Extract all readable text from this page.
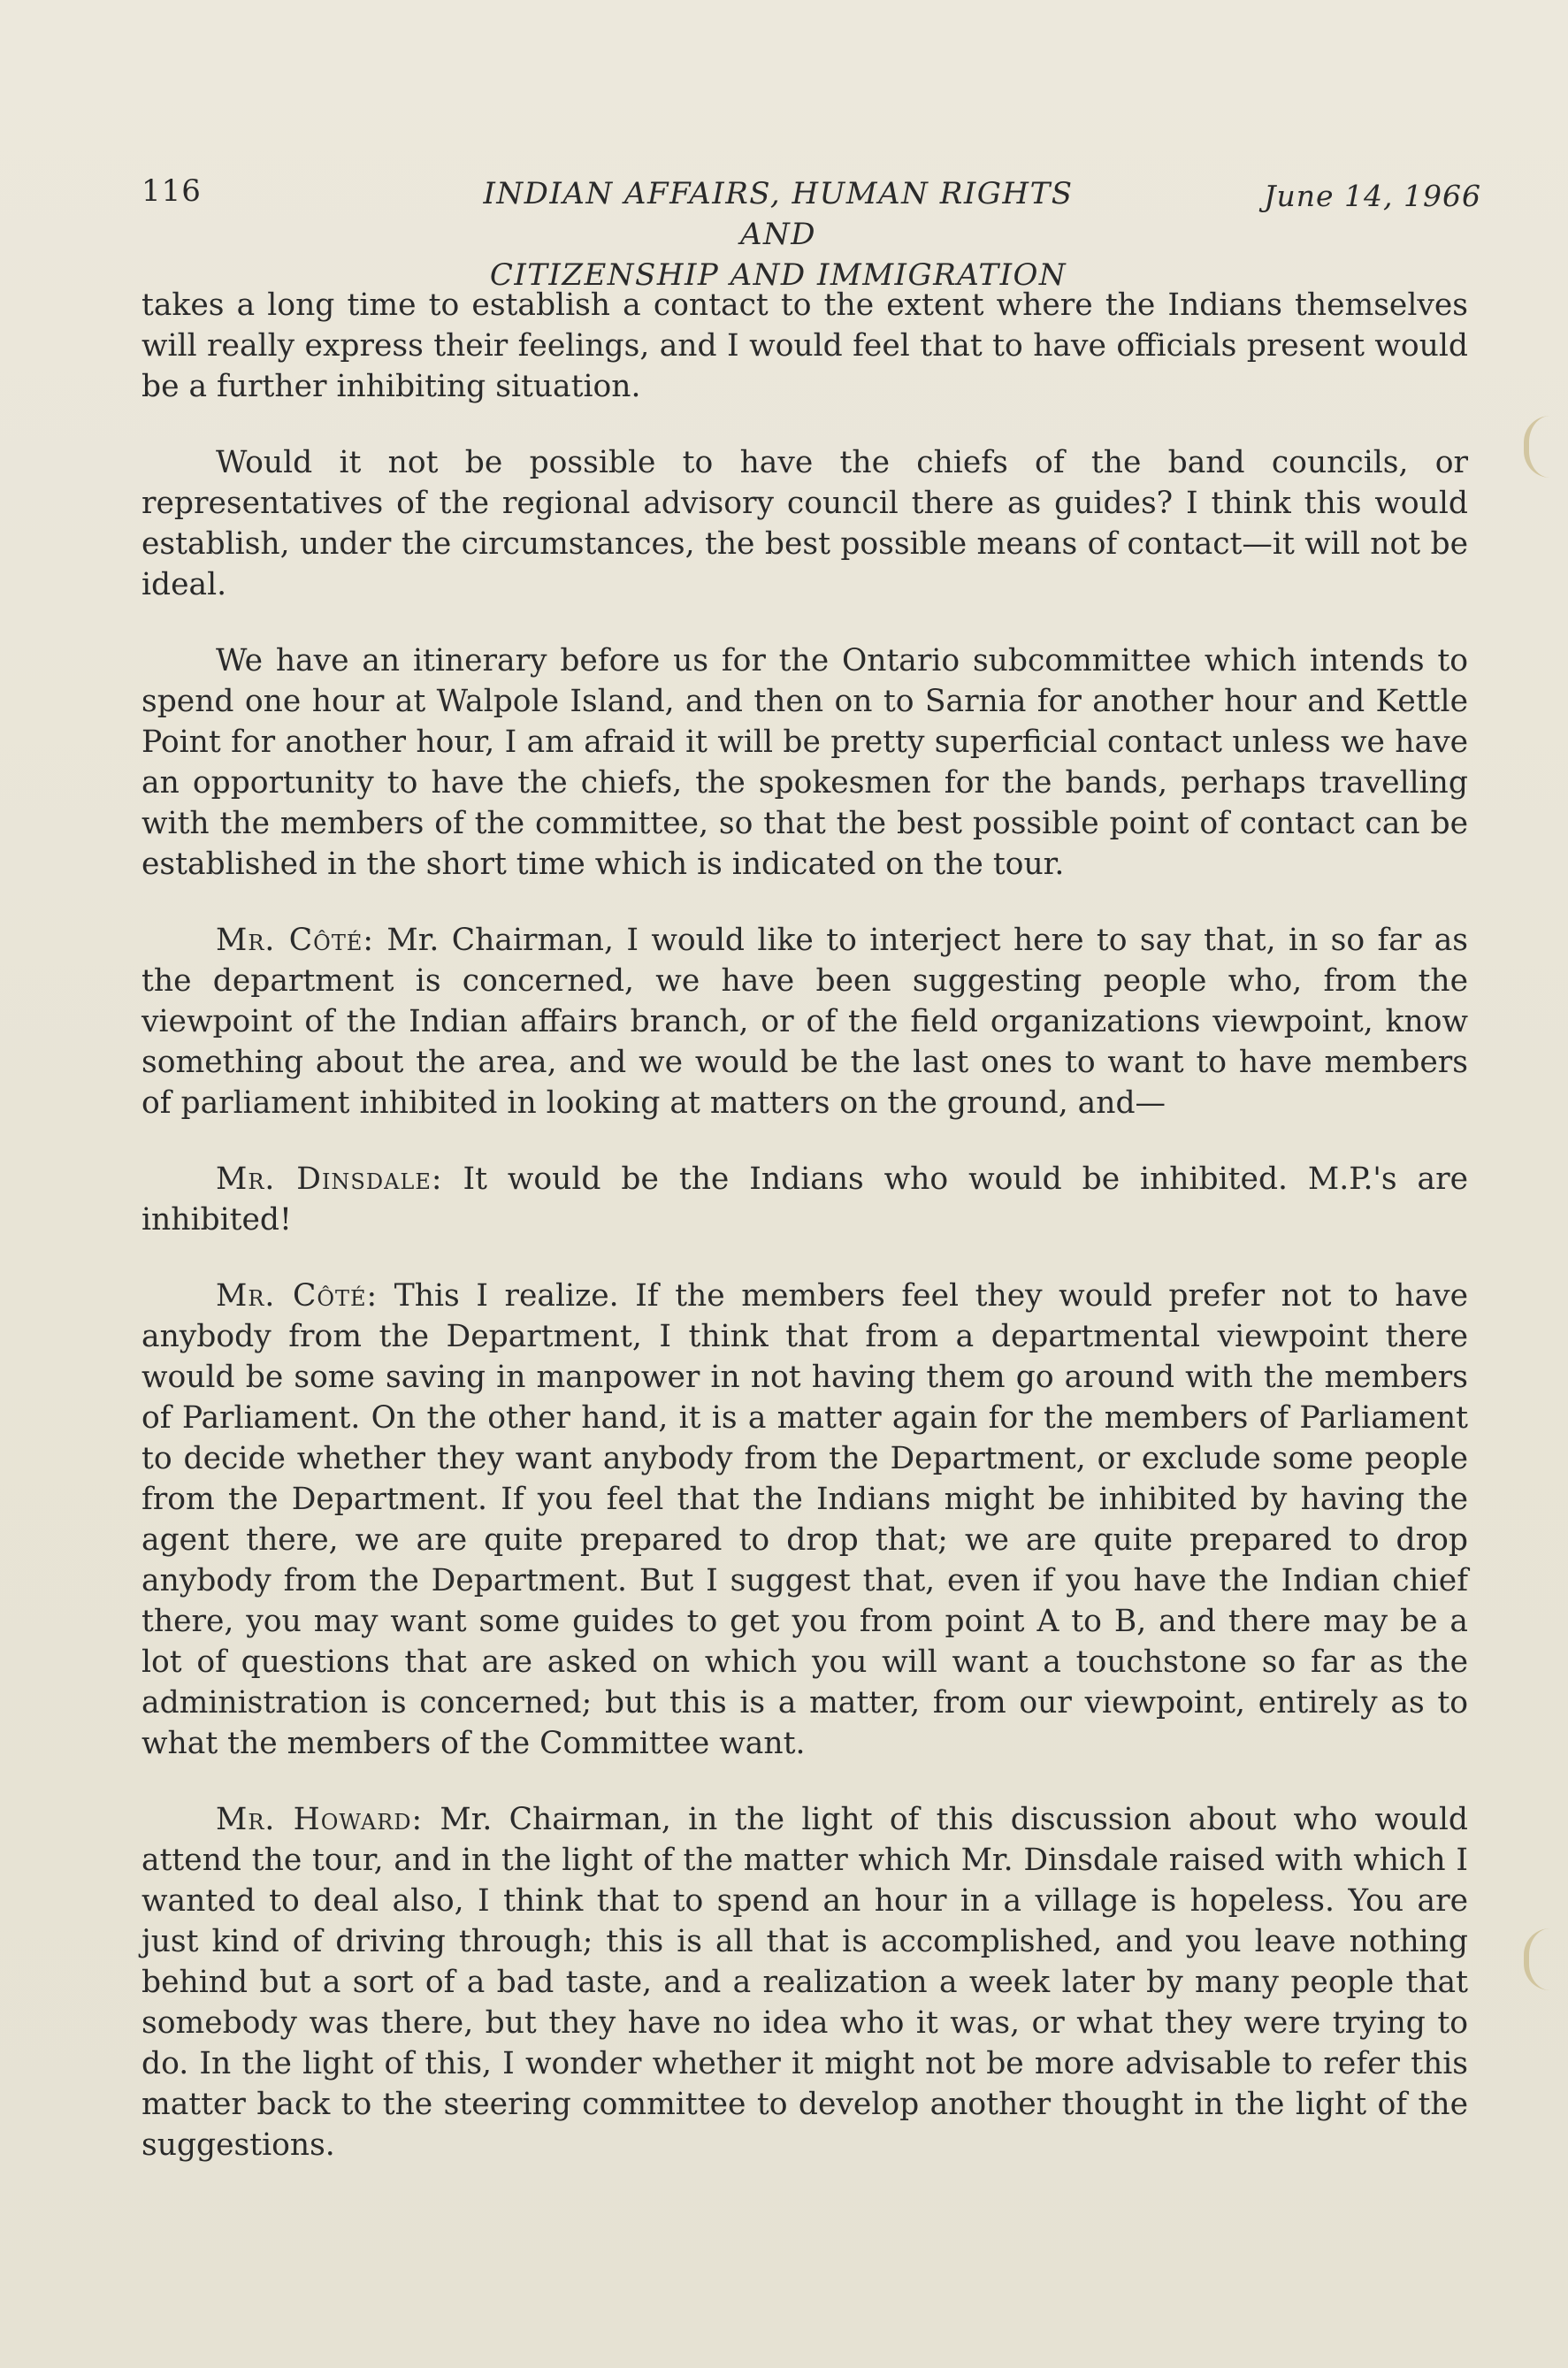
116	INDIAN AFFAIRS, HUMAN RIGHTS AND
CITIZENSHIP AND IMMIGRATION
June 14, 1966

takes a long time to establish a contact to the extent where the Indians themselves will really express their feelings, and I would feel that to have officials present would be a further inhibiting situation.

Would it not be possible to have the chiefs of the band councils, or representatives of the regional advisory council there as guides? I think this would establish, under the circumstances, the best possible means of contact—it will not be ideal.

We have an itinerary before us for the Ontario subcommittee which intends to spend one hour at Walpole Island, and then on to Sarnia for another hour and Kettle Point for another hour, I am afraid it will be pretty superficial contact unless we have an opportunity to have the chiefs, the spokesmen for the bands, perhaps travelling with the members of the committee, so that the best possible point of contact can be established in the short time which is indicated on the tour.

Mr. Côté: Mr. Chairman, I would like to interject here to say that, in so far as the department is concerned, we have been suggesting people who, from the viewpoint of the Indian affairs branch, or of the field organizations viewpoint, know something about the area, and we would be the last ones to want to have members of parliament inhibited in looking at matters on the ground, and—

Mr. Dinsdale: It would be the Indians who would be inhibited. M.P.'s are inhibited!

Mr. Côté: This I realize. If the members feel they would prefer not to have anybody from the Department, I think that from a departmental viewpoint there would be some saving in manpower in not having them go around with the members of Parliament. On the other hand, it is a matter again for the members of Parliament to decide whether they want anybody from the Department, or exclude some people from the Department. If you feel that the Indians might be inhibited by having the agent there, we are quite prepared to drop that; we are quite prepared to drop anybody from the Department. But I suggest that, even if you have the Indian chief there, you may want some guides to get you from point A to B, and there may be a lot of questions that are asked on which you will want a touchstone so far as the administration is concerned; but this is a matter, from our viewpoint, entirely as to what the members of the Committee want.

Mr. Howard: Mr. Chairman, in the light of this discussion about who would attend the tour, and in the light of the matter which Mr. Dinsdale raised with which I wanted to deal also, I think that to spend an hour in a village is hopeless. You are just kind of driving through; this is all that is accomplished, and you leave nothing behind but a sort of a bad taste, and a realization a week later by many people that somebody was there, but they have no idea who it was, or what they were trying to do. In the light of this, I wonder whether it might not be more advisable to refer this matter back to the steering committee to develop another thought in the light of the suggestions.
